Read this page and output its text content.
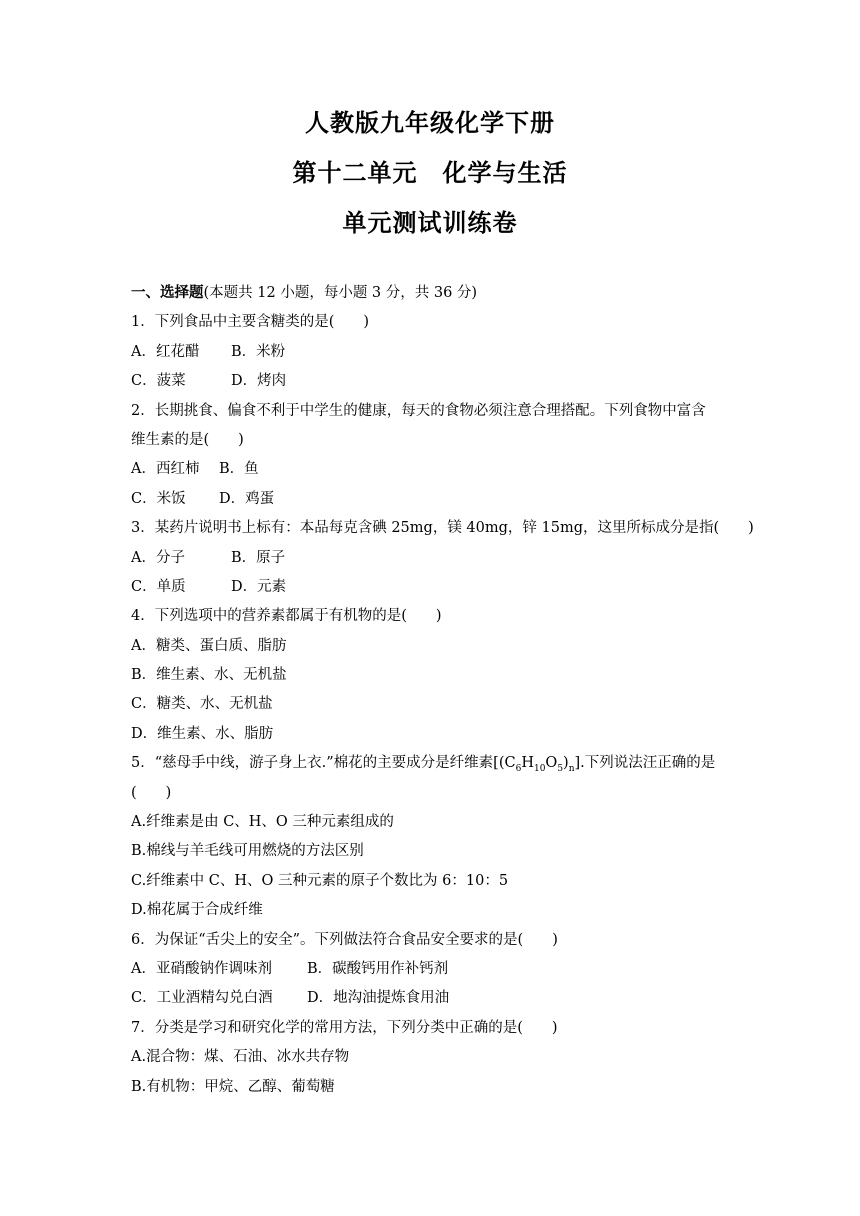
人教版九年级化学下册
第十二单元　化学与生活
单元测试训练卷
一、选择题(本题共 12 小题，每小题 3 分，共 36 分)
1．下列食品中主要含糖类的是(　　)
A．红花醋 B．米粉
C．菠菜	D．烤肉
2．长期挑食、偏食不利于中学生的健康，每天的食物必须注意合理搭配。下列食物中富含
维生素的是(　　)
A．西红柿 B．鱼
C．米饭 D．鸡蛋
3．某药片说明书上标有：本品每克含碘 25mg，镁 40mg，锌 15mg，这里所标成分是指(　　)
A．分子	B．原子
C．单质	D．元素
4．下列选项中的营养素都属于有机物的是(　　)
A．糖类、蛋白质、脂肪
B．维生素、水、无机盐
C．糖类、水、无机盐
D．维生素、水、脂肪
5．“慈母手中线，游子身上衣.”棉花的主要成分是纤维素$[(C_6H_{10}O_5)_n]$.下列说法汪正确的是
(　　)
A.纤维素是由 C、H、O 三种元素组成的
B.棉线与羊毛线可用燃烧的方法区别
C.纤维素中 C、H、O 三种元素的原子个数比为 6：10：5
D.棉花属于合成纤维
6．为保证“舌尖上的安全”。下列做法符合食品安全要求的是(　　)
A．亚硝酸钠作调味剂 B．碳酸钙用作补钙剂
C．工业酒精勾兑白酒 D．地沟油提炼食用油
7．分类是学习和研究化学的常用方法，下列分类中正确的是(　　)
A.混合物：煤、石油、冰水共存物
B.有机物：甲烷、乙醇、葡萄糖
